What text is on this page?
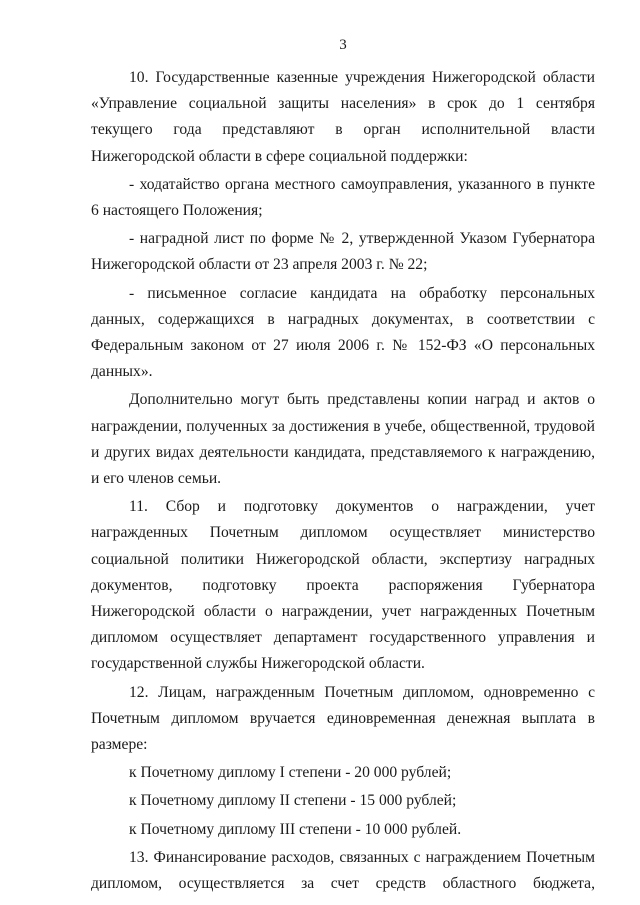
3

10. Государственные казенные учреждения Нижегородской области «Управление социальной защиты населения» в срок до 1 сентября текущего года представляют в орган исполнительной власти Нижегородской области в сфере социальной поддержки:

- ходатайство органа местного самоуправления, указанного в пункте 6 настоящего Положения;

- наградной лист по форме № 2, утвержденной Указом Губернатора Нижегородской области от 23 апреля 2003 г. № 22;

- письменное согласие кандидата на обработку персональных данных, содержащихся в наградных документах, в соответствии с Федеральным законом от 27 июля 2006 г. № 152-ФЗ «О персональных данных».

Дополнительно могут быть представлены копии наград и актов о награждении, полученных за достижения в учебе, общественной, трудовой и других видах деятельности кандидата, представляемого к награждению, и его членов семьи.

11. Сбор и подготовку документов о награждении, учет награжденных Почетным дипломом осуществляет министерство социальной политики Нижегородской области, экспертизу наградных документов, подготовку проекта распоряжения Губернатора Нижегородской области о награждении, учет награжденных Почетным дипломом осуществляет департамент государственного управления и государственной службы Нижегородской области.

12. Лицам, награжденным Почетным дипломом, одновременно с Почетным дипломом вручается единовременная денежная выплата в размере:

к Почетному диплому I степени - 20 000 рублей;

к Почетному диплому II степени - 15 000 рублей;

к Почетному диплому III степени - 10 000 рублей.

13. Финансирование расходов, связанных с награждением Почетным дипломом, осуществляется за счет средств областного бюджета,
